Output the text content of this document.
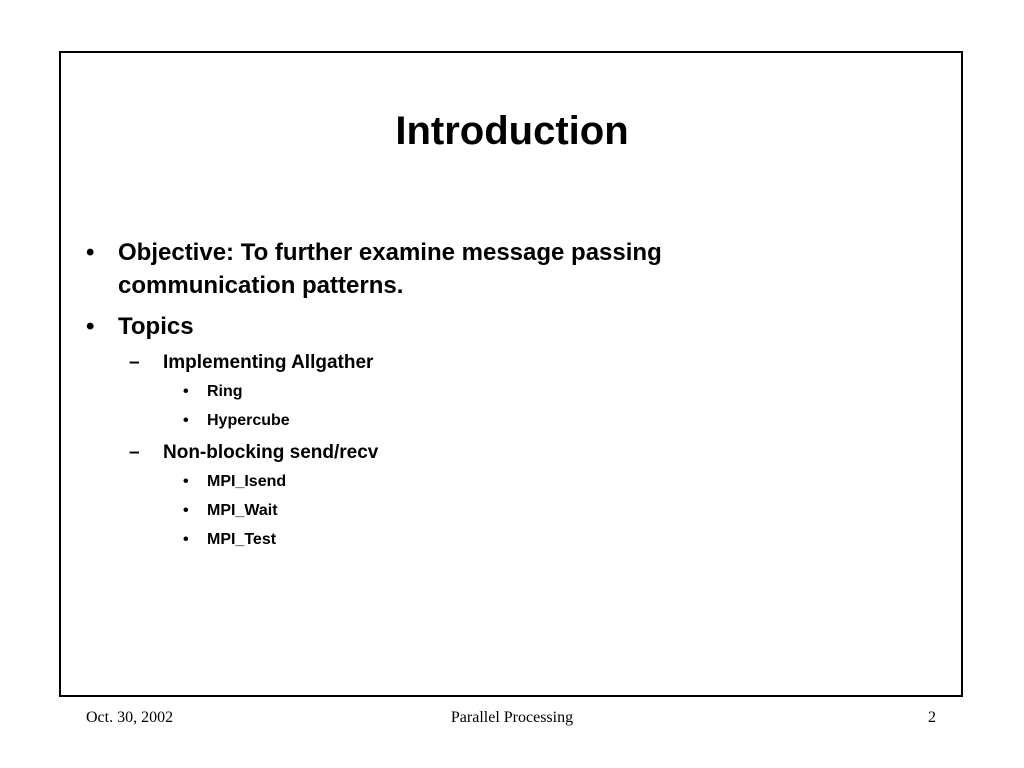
Introduction
• Objective: To further examine message passing communication patterns.
• Topics
–	Implementing Allgather
•	Ring
•	Hypercube
–	Non-blocking send/recv
•	MPI_Isend
•	MPI_Wait
•	MPI_Test
Oct. 30, 2002	Parallel Processing	2
